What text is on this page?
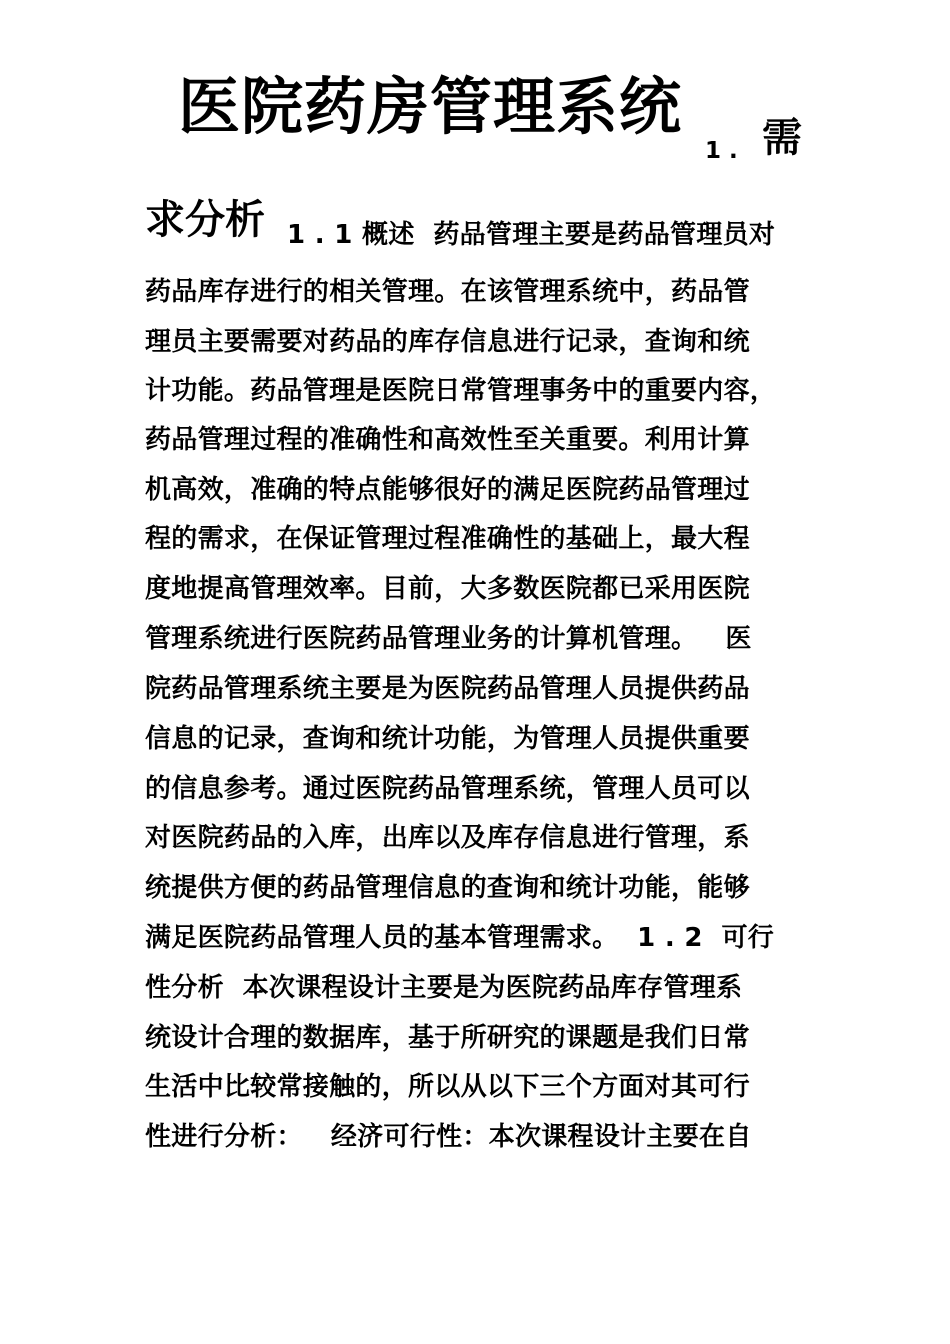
医院药房管理系统
1 . 需
求分析 1 . 1 概述  药品管理主要是药品管理员对
药品库存进行的相关管理。在该管理系统中，药品管
理员主要需要对药品的库存信息进行记录，查询和统
计功能。药品管理是医院日常管理事务中的重要内容，
药品管理过程的准确性和高效性至关重要。利用计算
机高效，准确的特点能够很好的满足医院药品管理过
程的需求，在保证管理过程准确性的基础上，最大程
度地提高管理效率。目前，大多数医院都已采用医院
管理系统进行医院药品管理业务的计算机管理。   医
院药品管理系统主要是为医院药品管理人员提供药品
信息的记录，查询和统计功能，为管理人员提供重要
的信息参考。通过医院药品管理系统，管理人员可以
对医院药品的入库，出库以及库存信息进行管理，系
统提供方便的药品管理信息的查询和统计功能，能够
满足医院药品管理人员的基本管理需求。  1 . 2  可行
性分析  本次课程设计主要是为医院药品库存管理系
统设计合理的数据库，基于所研究的课题是我们日常
生活中比较常接触的，所以从以下三个方面对其可行
性进行分析：   经济可行性：本次课程设计主要在自
